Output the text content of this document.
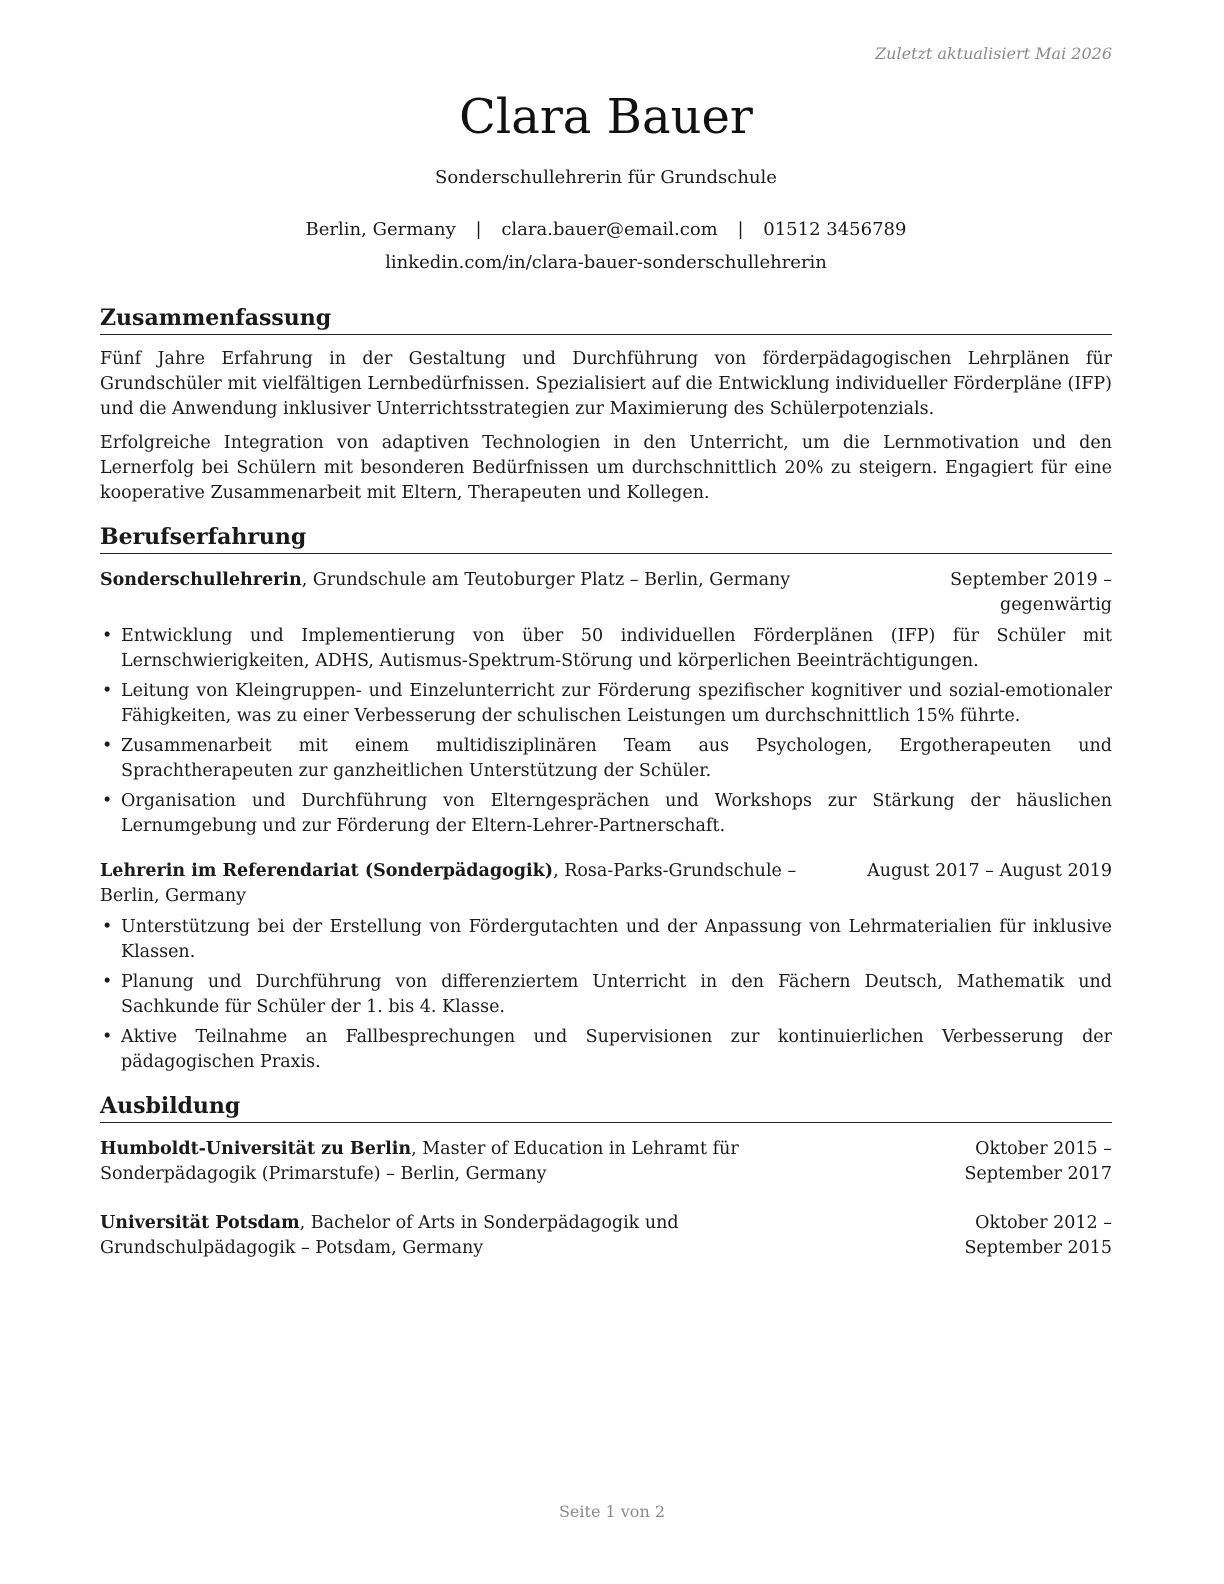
Zuletzt aktualisiert Mai 2026
Clara Bauer
Sonderschullehrerin für Grundschule
Berlin, Germany | clara.bauer@email.com | 01512 3456789
linkedin.com/in/clara-bauer-sonderschullehrerin
Zusammenfassung

Fünf Jahre Erfahrung in der Gestaltung und Durchführung von förderpädagogischen Lehrplänen für Grundschüler mit vielfältigen Lernbedürfnissen. Spezialisiert auf die Entwicklung individueller Förderpläne (IFP) und die Anwendung inklusiver Unterrichtsstrategien zur Maximierung des Schülerpotenzials.

Erfolgreiche Integration von adaptiven Technologien in den Unterricht, um die Lernmotivation und den Lernerfolg bei Schülern mit besonderen Bedürfnissen um durchschnittlich 20% zu steigern. Engagiert für eine kooperative Zusammenarbeit mit Eltern, Therapeuten und Kollegen.

Berufserfahrung
Sonderschullehrerin, Grundschule am Teutoburger Platz – Berlin, Germany	September 2019 – gegenwärtig
• Entwicklung und Implementierung von über 50 individuellen Förderplänen (IFP) für Schüler mit Lernschwierigkeiten, ADHS, Autismus-Spektrum-Störung und körperlichen Beeinträchtigungen.
• Leitung von Kleingruppen- und Einzelunterricht zur Förderung spezifischer kognitiver und sozial-emotionaler Fähigkeiten, was zu einer Verbesserung der schulischen Leistungen um durchschnittlich 15% führte.
• Zusammenarbeit mit einem multidisziplinären Team aus Psychologen, Ergotherapeuten und Sprachtherapeuten zur ganzheitlichen Unterstützung der Schüler.
• Organisation und Durchführung von Elterngesprächen und Workshops zur Stärkung der häuslichen Lernumgebung und zur Förderung der Eltern-Lehrer-Partnerschaft.
Lehrerin im Referendariat (Sonderpädagogik), Rosa-Parks-Grundschule – Berlin, Germany
August 2017 – August 2019
• Unterstützung bei der Erstellung von Fördergutachten und der Anpassung von Lehrmaterialien für inklusive Klassen.
• Planung und Durchführung von differenziertem Unterricht in den Fächern Deutsch, Mathematik und Sachkunde für Schüler der 1. bis 4. Klasse.
• Aktive Teilnahme an Fallbesprechungen und Supervisionen zur kontinuierlichen Verbesserung der pädagogischen Praxis.
Ausbildung
Humboldt-Universität zu Berlin, Master of Education in Lehramt für Sonderpädagogik (Primarstufe) – Berlin, Germany
Oktober 2015 – September 2017
Universität Potsdam, Bachelor of Arts in Sonderpädagogik und Grundschulpädagogik – Potsdam, Germany
Oktober 2012 – September 2015
Seite 1 von 2
